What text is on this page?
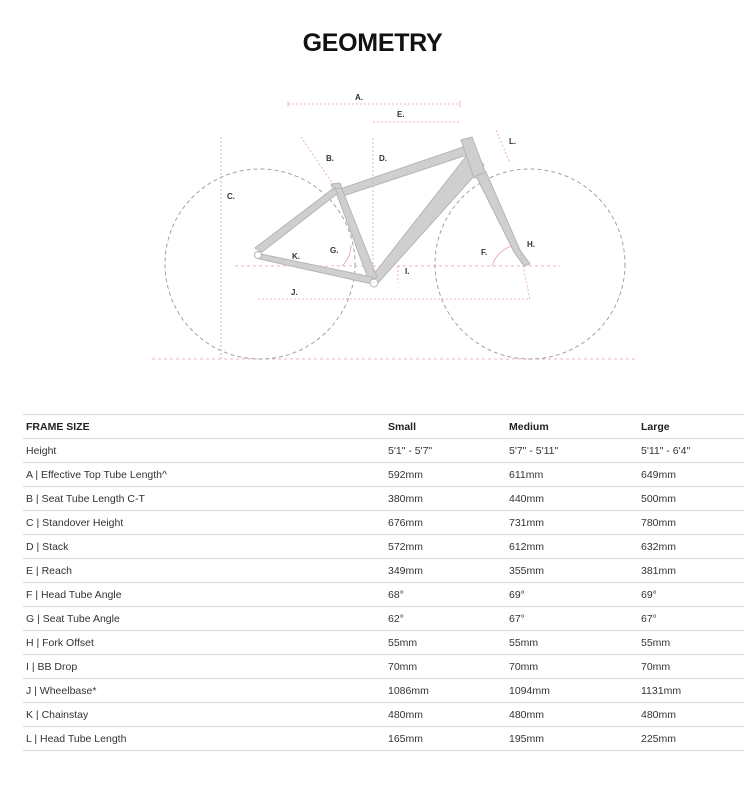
GEOMETRY
A.
E.
L.
B.	D.
C.
H.
G.	F.
K.
I.
J.
FRAME SIZE	Small	Medium	Large
Height	5'1" - 5'7"	5'7" - 5'11"	5'11" - 6'4"
A | Effective Top Tube Length^	592mm	611mm	649mm
B | Seat Tube Length C-T	380mm	440mm	500mm
C | Standover Height	676mm	731mm	780mm
D | Stack	572mm	612mm	632mm
E | Reach	349mm	355mm	381mm
F | Head Tube Angle	68°	69°	69°
G | Seat Tube Angle	62°	67°	67°
H | Fork Offset	55mm	55mm	55mm
I | BB Drop	70mm	70mm	70mm
J | Wheelbase*	1086mm	1094mm	1131mm
K | Chainstay	480mm	480mm	480mm
L | Head Tube Length	165mm	195mm	225mm
